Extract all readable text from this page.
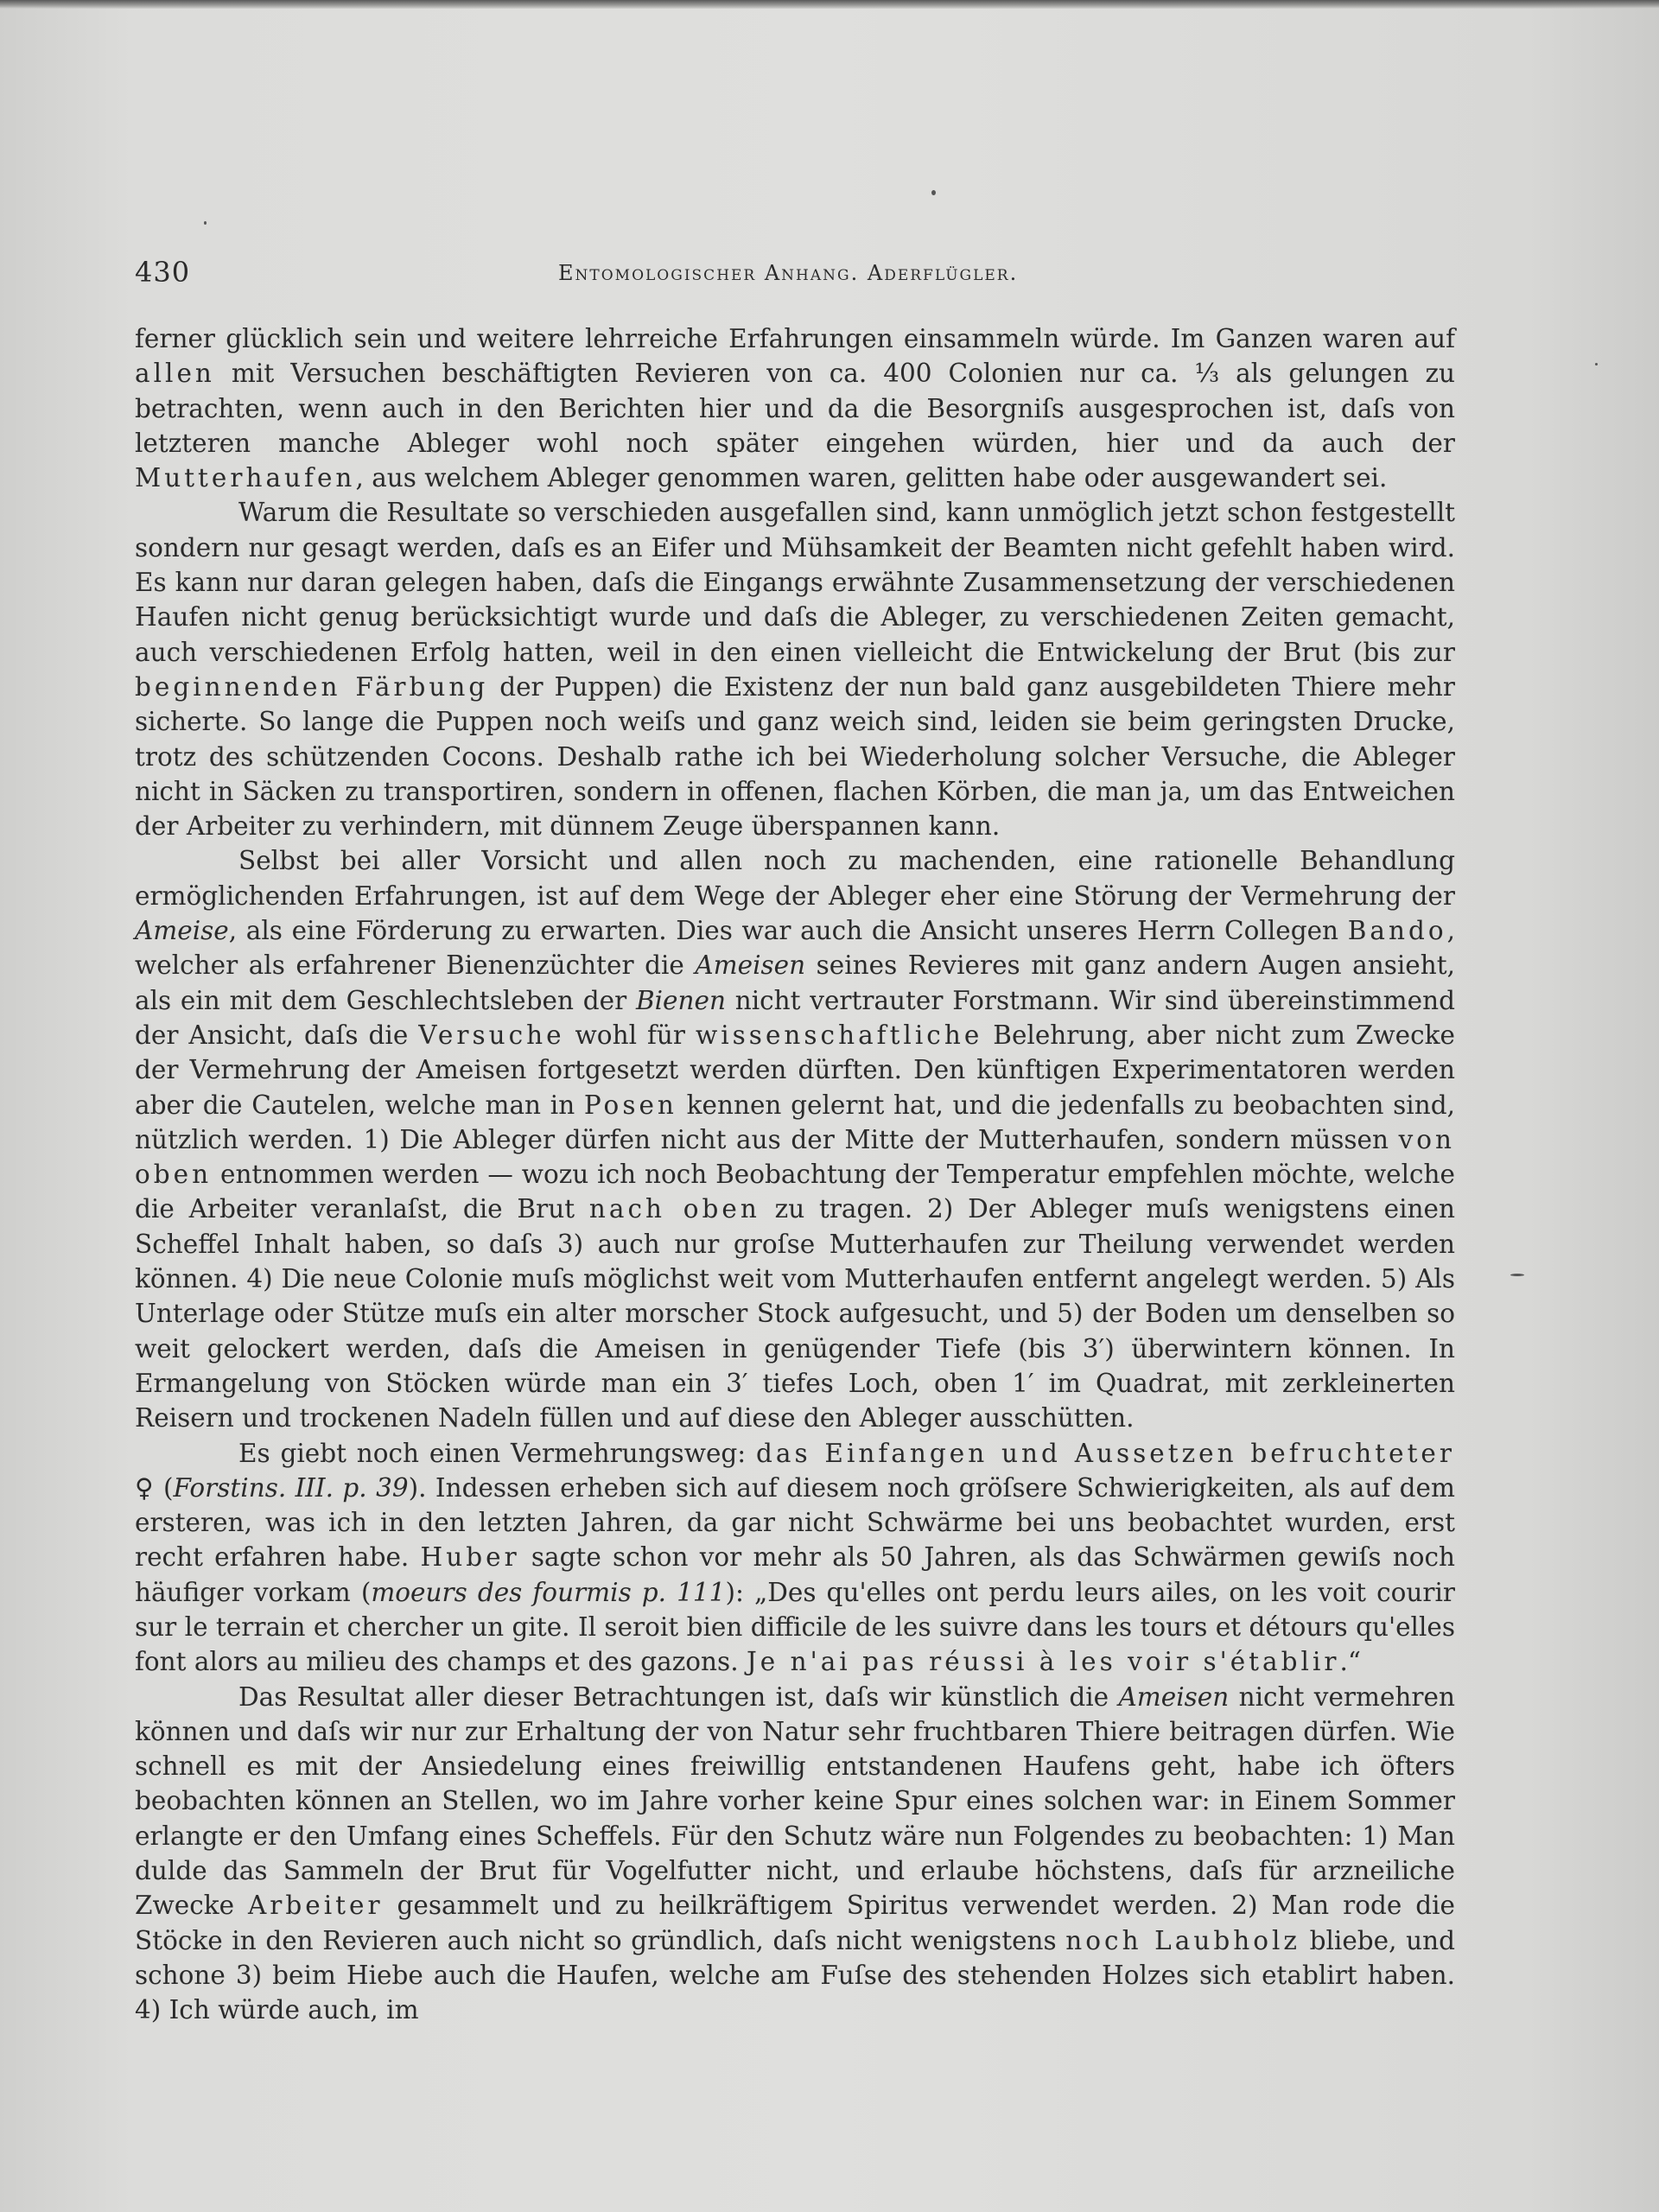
430	Entomologischer Anhang. Aderflügler.

ferner glücklich sein und weitere lehrreiche Erfahrungen einsammeln würde. Im Ganzen waren auf allen mit Versuchen beschäftigten Revieren von ca. 400 Colonien nur ca. ⅓ als gelungen zu betrachten, wenn auch in den Berichten hier und da die Besorgniſs ausgesprochen ist, daſs von letzteren manche Ableger wohl noch später eingehen würden, hier und da auch der Mutterhaufen, aus welchem Ableger genommen waren, gelitten habe oder ausgewandert sei.

Warum die Resultate so verschieden ausgefallen sind, kann unmöglich jetzt schon festgestellt sondern nur gesagt werden, daſs es an Eifer und Mühsamkeit der Beamten nicht gefehlt haben wird. Es kann nur daran gelegen haben, daſs die Eingangs erwähnte Zusammensetzung der verschiedenen Haufen nicht genug berücksichtigt wurde und daſs die Ableger, zu verschiedenen Zeiten gemacht, auch verschiedenen Erfolg hatten, weil in den einen vielleicht die Entwickelung der Brut (bis zur beginnenden Färbung der Puppen) die Existenz der nun bald ganz ausgebildeten Thiere mehr sicherte. So lange die Puppen noch weiſs und ganz weich sind, leiden sie beim geringsten Drucke, trotz des schützenden Cocons. Deshalb rathe ich bei Wiederholung solcher Versuche, die Ableger nicht in Säcken zu transportiren, sondern in offenen, flachen Körben, die man ja, um das Entweichen der Arbeiter zu verhindern, mit dünnem Zeuge überspannen kann.

Selbst bei aller Vorsicht und allen noch zu machenden, eine rationelle Behandlung ermöglichenden Erfahrungen, ist auf dem Wege der Ableger eher eine Störung der Vermehrung der Ameise, als eine Förderung zu erwarten. Dies war auch die Ansicht unseres Herrn Collegen Bando, welcher als erfahrener Bienenzüchter die Ameisen seines Revieres mit ganz andern Augen ansieht, als ein mit dem Geschlechtsleben der Bienen nicht vertrauter Forstmann. Wir sind übereinstimmend der Ansicht, daſs die Versuche wohl für wissenschaftliche Belehrung, aber nicht zum Zwecke der Vermehrung der Ameisen fortgesetzt werden dürften. Den künftigen Experimentatoren werden aber die Cautelen, welche man in Posen kennen gelernt hat, und die jedenfalls zu beobachten sind, nützlich werden. 1) Die Ableger dürfen nicht aus der Mitte der Mutterhaufen, sondern müssen von oben entnommen werden — wozu ich noch Beobachtung der Temperatur empfehlen möchte, welche die Arbeiter veranlaſst, die Brut nach oben zu tragen. 2) Der Ableger muſs wenigstens einen Scheffel Inhalt haben, so daſs 3) auch nur groſse Mutterhaufen zur Theilung verwendet werden können. 4) Die neue Colonie muſs möglichst weit vom Mutterhaufen entfernt angelegt werden. 5) Als Unterlage oder Stütze muſs ein alter morscher Stock aufgesucht, und 5) der Boden um denselben so weit gelockert werden, daſs die Ameisen in genügender Tiefe (bis 3′) überwintern können. In Ermangelung von Stöcken würde man ein 3′ tiefes Loch, oben 1′ im Quadrat, mit zerkleinerten Reisern und trockenen Nadeln füllen und auf diese den Ableger ausschütten.

Es giebt noch einen Vermehrungsweg: das Einfangen und Aussetzen befruchteter ♀ (Forstins. III. p. 39). Indessen erheben sich auf diesem noch gröſsere Schwierigkeiten, als auf dem ersteren, was ich in den letzten Jahren, da gar nicht Schwärme bei uns beobachtet wurden, erst recht erfahren habe. Huber sagte schon vor mehr als 50 Jahren, als das Schwärmen gewiſs noch häufiger vorkam (moeurs des fourmis p. 111): „Des qu'elles ont perdu leurs ailes, on les voit courir sur le terrain et chercher un gite. Il seroit bien difficile de les suivre dans les tours et détours qu'elles font alors au milieu des champs et des gazons. Je n'ai pas réussi à les voir s'établir.“

Das Resultat aller dieser Betrachtungen ist, daſs wir künstlich die Ameisen nicht vermehren können und daſs wir nur zur Erhaltung der von Natur sehr fruchtbaren Thiere beitragen dürfen. Wie schnell es mit der Ansiedelung eines freiwillig entstandenen Haufens geht, habe ich öfters beobachten können an Stellen, wo im Jahre vorher keine Spur eines solchen war: in Einem Sommer erlangte er den Umfang eines Scheffels. Für den Schutz wäre nun Folgendes zu beobachten: 1) Man dulde das Sammeln der Brut für Vogelfutter nicht, und erlaube höchstens, daſs für arzneiliche Zwecke Arbeiter gesammelt und zu heilkräftigem Spiritus verwendet werden. 2) Man rode die Stöcke in den Revieren auch nicht so gründlich, daſs nicht wenigstens noch Laubholz bliebe, und schone 3) beim Hiebe auch die Haufen, welche am Fuſse des stehenden Holzes sich etablirt haben. 4) Ich würde auch, im
